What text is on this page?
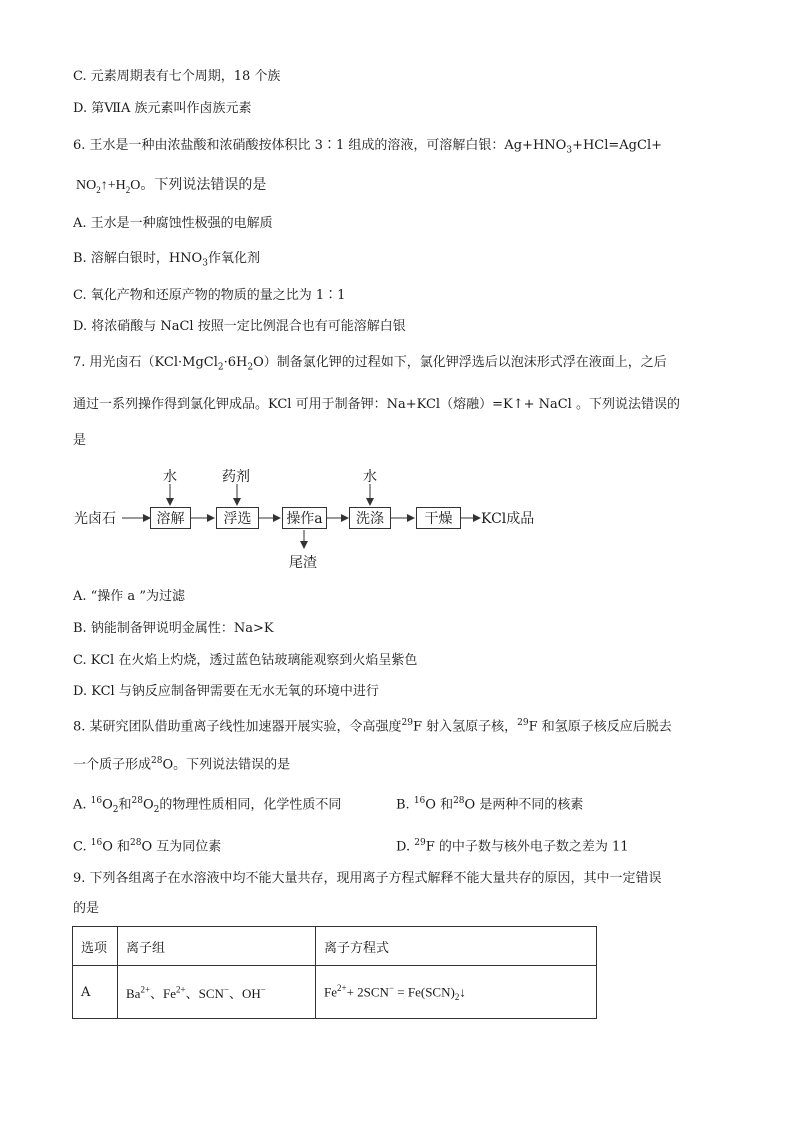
C. 元素周期表有七个周期，18 个族
D. 第ⅦA 族元素叫作卤族元素
6. 王水是一种由浓盐酸和浓硝酸按体积比 3∶1 组成的溶液，可溶解白银：$Ag+HNO_3+HCl=AgCl+$
$NO_2↑+H_2O$。下列说法错误的是
A. 王水是一种腐蚀性极强的电解质
B. 溶解白银时，$HNO_3$作氧化剂
C. 氧化产物和还原产物的物质的量之比为 1∶1
D. 将浓硝酸与 NaCl 按照一定比例混合也有可能溶解白银
7. 用光卤石$(KCl\cdot MgCl_2\cdot 6H_2O)$制备氯化钾的过程如下，氯化钾浮选后以泡沫形式浮在液面上，之后
通过一系列操作得到氯化钾成品。KCl 可用于制备钾：Na+KCl（熔融）=K↑+ NaCl 。下列说法错误的
是
光卤石
水	药剂	水
溶解	浮选	操作a	洗涤	干燥	KCl成品
尾渣
A. “操作 a ”为过滤
B. 钠能制备钾说明金属性：Na>K
C. KCl 在火焰上灼烧，透过蓝色钴玻璃能观察到火焰呈紫色
D. KCl 与钠反应制备钾需要在无水无氧的环境中进行
8. 某研究团队借助重离子线性加速器开展实验，令高强度$^{29}$F 射入氢原子核，$^{29}$F 和氢原子核反应后脱去
一个质子形成$^{28}$O。下列说法错误的是
A. $^{16}O_2$和$^{28}O_2$的物理性质相同，化学性质不同	B. $^{16}$O 和$^{28}$O 是两种不同的核素
C. $^{16}$O 和$^{28}$O 互为同位素	D. $^{29}$F 的中子数与核外电子数之差为 11
9. 下列各组离子在水溶液中均不能大量共存，现用离子方程式解释不能大量共存的原因，其中一定错误
的是
选项	离子组	离子方程式
A	$Ba^{2+}$、$Fe^{2+}$、SCN−、OH−	$Fe^{2+}+ 2SCN^-$ = $Fe(SCN)_2↓$
